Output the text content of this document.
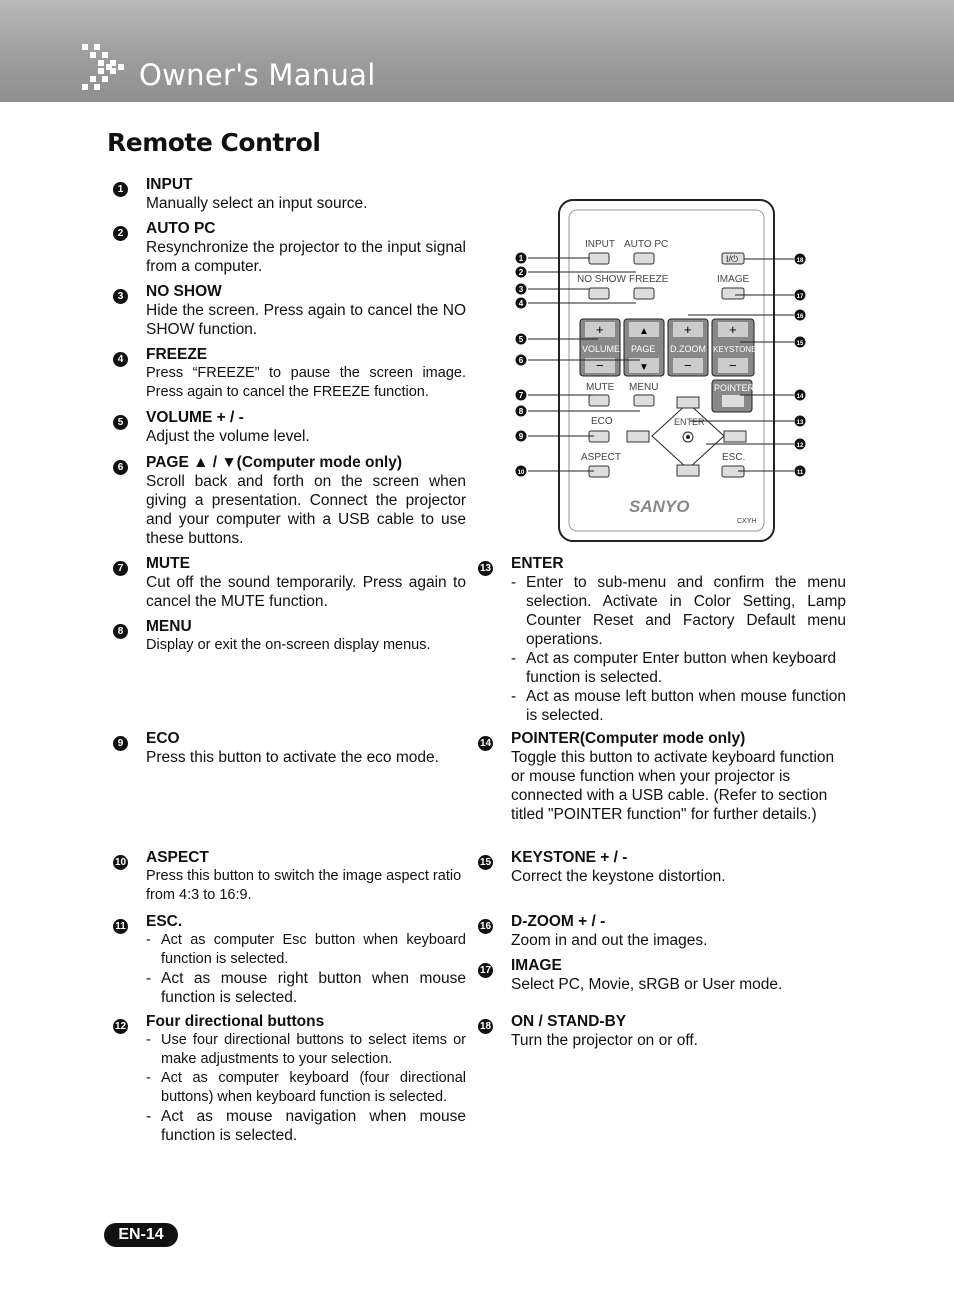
Owner's Manual
Remote Control
1	INPUT
Manually select an input source.
2	AUTO PC
Resynchronize the projector to the input signal from a computer.
3	NO SHOW
Hide the screen. Press again to cancel the NO SHOW function.
4	FREEZE
Press “FREEZE” to pause the screen image. Press again to cancel the FREEZE function.
5	VOLUME + / -
Adjust the volume level.
6	PAGE ▲ / ▼(Computer mode only)
Scroll back and forth on the screen when giving a presentation. Connect the projector and your computer with a USB cable to use these buttons.
7	MUTE
Cut off the sound temporarily. Press again to cancel the MUTE function.
8	MENU
Display or exit the on-screen display menus.
9	ECO
Press this button to activate the eco mode.
10 ASPECT
Press this button to switch the image aspect ratio from 4:3 to 16:9.
11 ESC.
- Act as computer Esc button when keyboard function is selected.
- Act as mouse right button when mouse function is selected.
12 Four directional buttons
- Use four directional buttons to select items or make adjustments to your selection.
- Act as computer keyboard (four directional buttons) when keyboard function is selected.
- Act as mouse navigation when mouse function is selected.
13 ENTER
- Enter to sub-menu and confirm the menu selection. Activate in Color Setting, Lamp Counter Reset and Factory Default menu operations.
- Act as computer Enter button when keyboard function is selected.
- Act as mouse left button when mouse function is selected.
14 POINTER(Computer mode only)
Toggle this button to activate keyboard function or mouse function when your projector is connected with a USB cable. (Refer to section titled "POINTER function" for further details.)
15 KEYSTONE + / -
Correct the keystone distortion.
16 D-ZOOM + / -
Zoom in and out the images.
17 IMAGE
Select PC, Movie, sRGB or User mode.
18 ON / STAND-BY
Turn the projector on or off.
INPUT AUTO PC
I/⏻
NO SHOW FREEZE	IMAGE
+
−
VOLUME
▲
▼
PAGE
+
−
D.ZOOM
+
−
KEYSTONE
MUTE MENU	POINTER
ECO	ENTER
ASPECT	ESC.
SANYO
CXYH
1
2
3
4
5
6
7
8
9
10	11
12
13
14
15
16
17
18
EN-14
